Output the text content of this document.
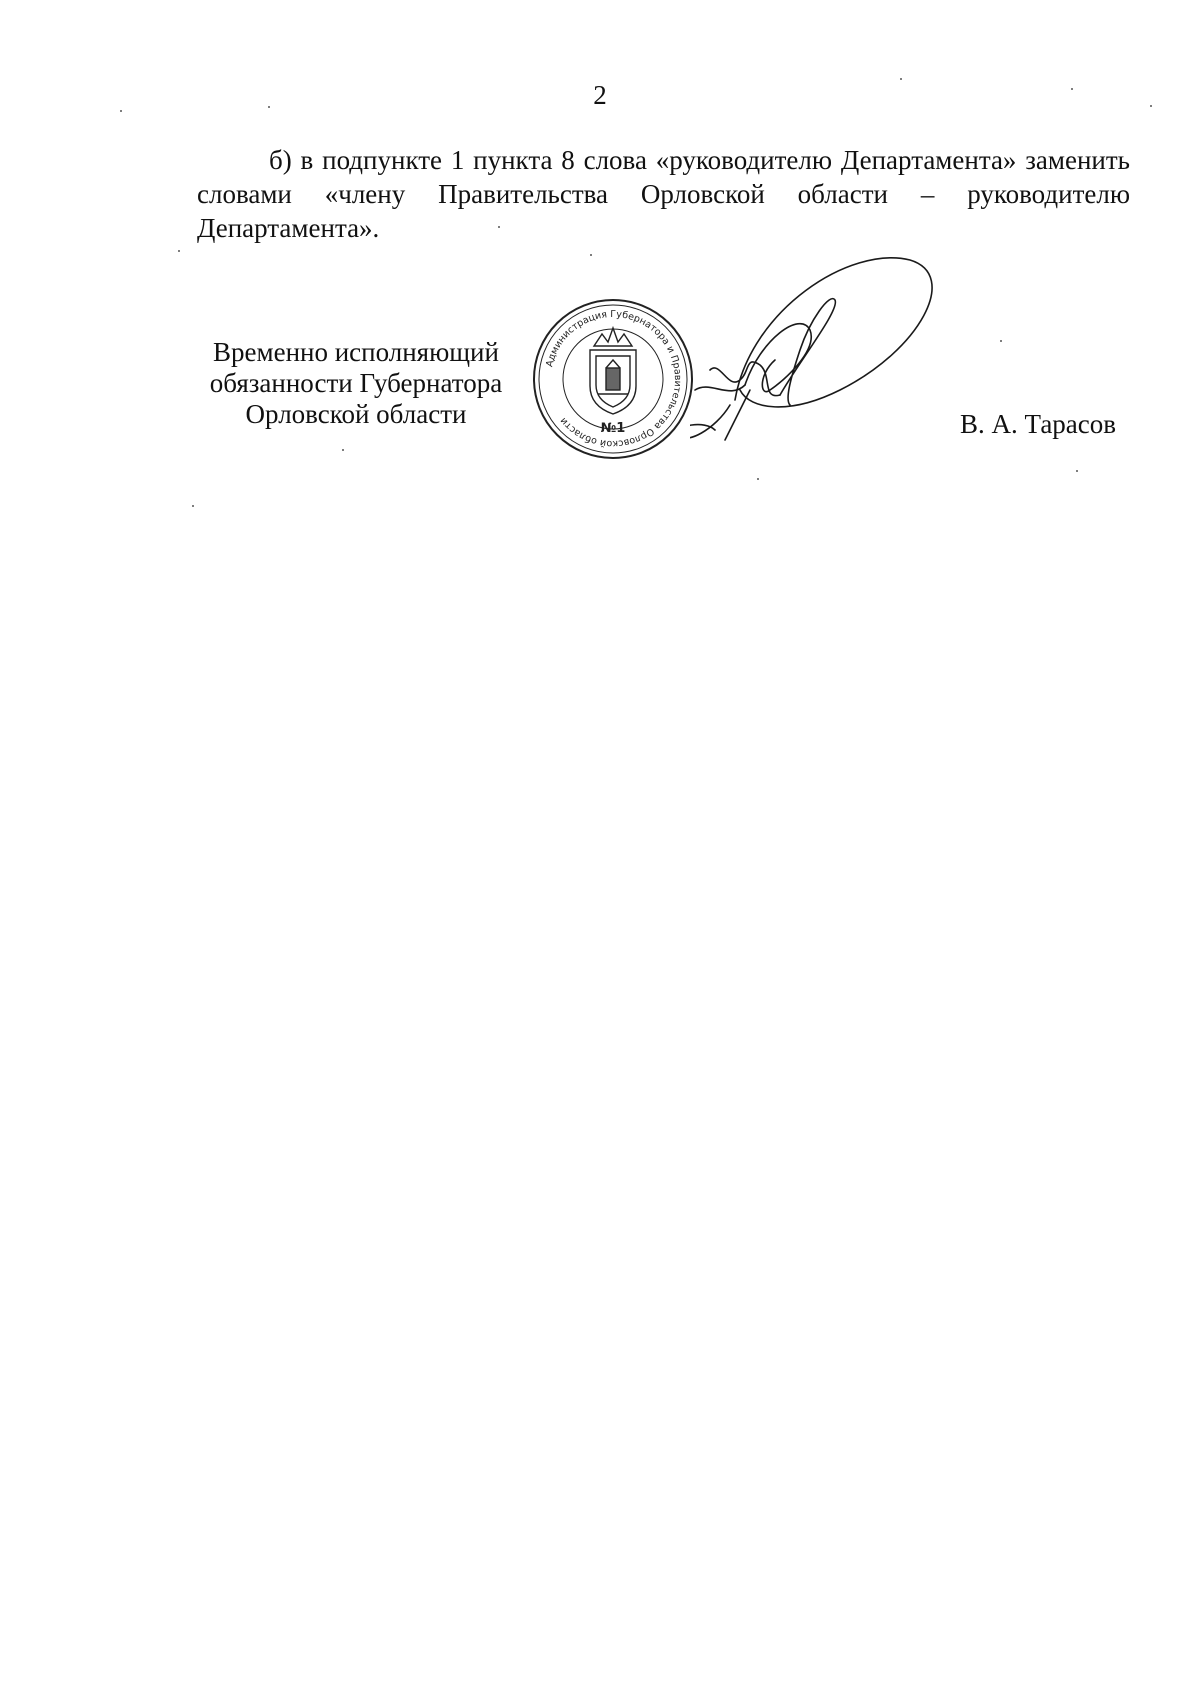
2

б) в подпункте 1 пункта 8 слова «руководителю Департамента» заменить словами «члену Правительства Орловской области – руководителю Департамента».

Временно исполняющий
обязанности Губернатора
Орловской области
Администрация Губернатора и Правительства Орловской области	№1	В. А. Тарасов
